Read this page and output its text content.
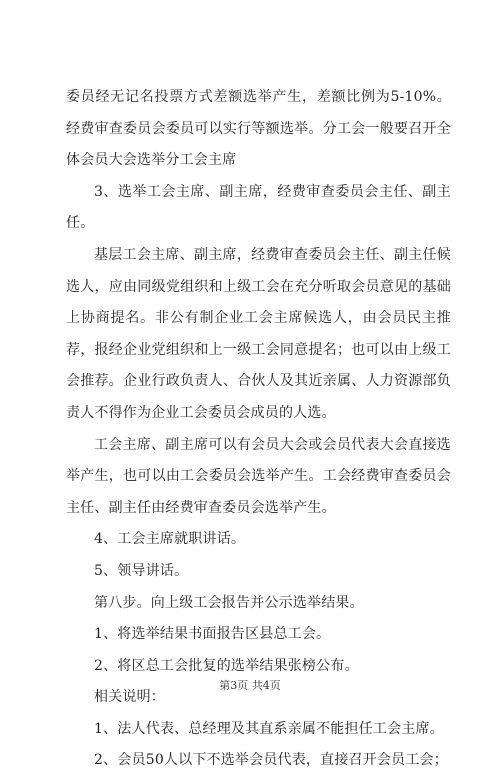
委员经无记名投票方式差额选举产生，差额比例为5-10%。经费审查委员会委员可以实行等额选举。分工会一般要召开全体会员大会选举分工会主席

3、选举工会主席、副主席，经费审查委员会主任、副主任。

基层工会主席、副主席，经费审查委员会主任、副主任候选人，应由同级党组织和上级工会在充分听取会员意见的基础上协商提名。非公有制企业工会主席候选人，由会员民主推荐，报经企业党组织和上一级工会同意提名；也可以由上级工会推荐。企业行政负责人、合伙人及其近亲属、人力资源部负责人不得作为企业工会委员会成员的人选。

工会主席、副主席可以有会员大会或会员代表大会直接选举产生，也可以由工会委员会选举产生。工会经费审查委员会主任、副主任由经费审查委员会选举产生。

4、工会主席就职讲话。

5、领导讲话。

第八步。向上级工会报告并公示选举结果。

1、将选举结果书面报告区县总工会。

2、将区总工会批复的选举结果张榜公布。

相关说明：

1、法人代表、总经理及其直系亲属不能担任工会主席。

2、会员50人以下不选举会员代表，直接召开会员工会；

第3页 共4页
